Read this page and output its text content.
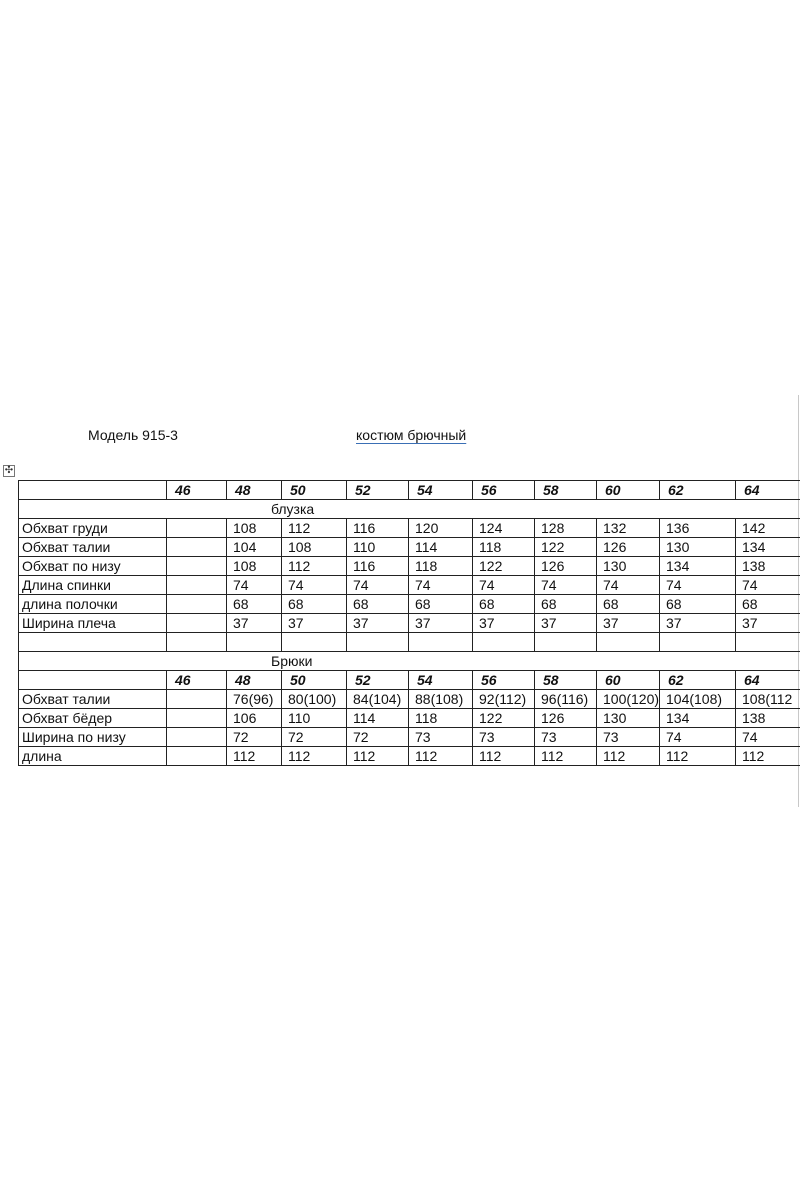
Модель 915-3	костюм брючный
✣
	46	48	50	52	54	56	58	60	62	64
блузка										
Обхват груди		108	112	116	120	124	128	132	136	142
Обхват талии		104	108	110	114	118	122	126	130	134
Обхват по низу		108	112	116	118	122	126	130	134	138
Длина спинки		74	74	74	74	74	74	74	74	74
длина полочки		68	68	68	68	68	68	68	68	68
Ширина плеча		37	37	37	37	37	37	37	37	37

Брюки										
	46	48	50	52	54	56	58	60	62	64
Обхват талии		76(96)	80(100)	84(104)	88(108)	92(112)	96(116)	100(120)	104(108)	108(112
Обхват бёдер		106	110	114	118	122	126	130	134	138
Ширина по низу		72	72	72	73	73	73	73	74	74
длина		112	112	112	112	112	112	112	112	112
